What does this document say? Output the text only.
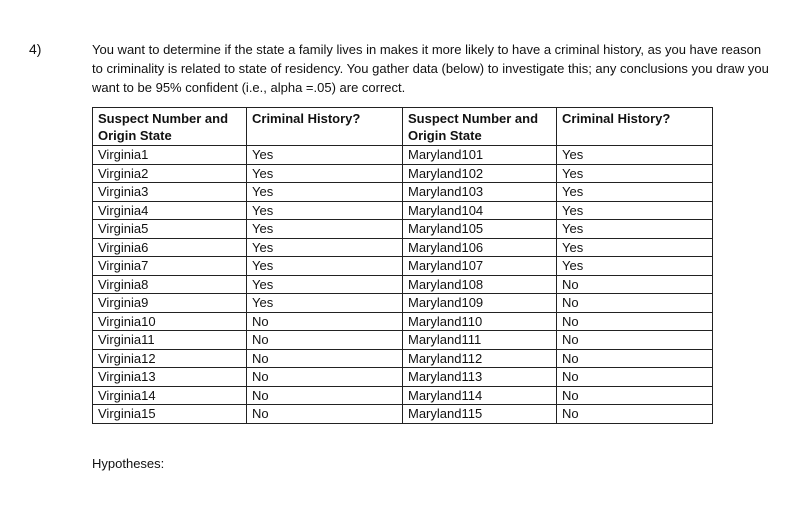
4)	You want to determine if the state a family lives in makes it more likely to have a criminal history, as you have reason to criminality is related to state of residency. You gather data (below) to investigate this; any conclusions you draw you want to be 95% confident (i.e., alpha =.05) are correct.
Suspect Number and Origin State	Criminal History?	Suspect Number and Origin State	Criminal History?
Virginia1	Yes	Maryland101	Yes
Virginia2	Yes	Maryland102	Yes
Virginia3	Yes	Maryland103	Yes
Virginia4	Yes	Maryland104	Yes
Virginia5	Yes	Maryland105	Yes
Virginia6	Yes	Maryland106	Yes
Virginia7	Yes	Maryland107	Yes
Virginia8	Yes	Maryland108	No
Virginia9	Yes	Maryland109	No
Virginia10	No	Maryland110	No
Virginia11	No	Maryland111	No
Virginia12	No	Maryland112	No
Virginia13	No	Maryland113	No
Virginia14	No	Maryland114	No
Virginia15	No	Maryland115	No
Hypotheses:
